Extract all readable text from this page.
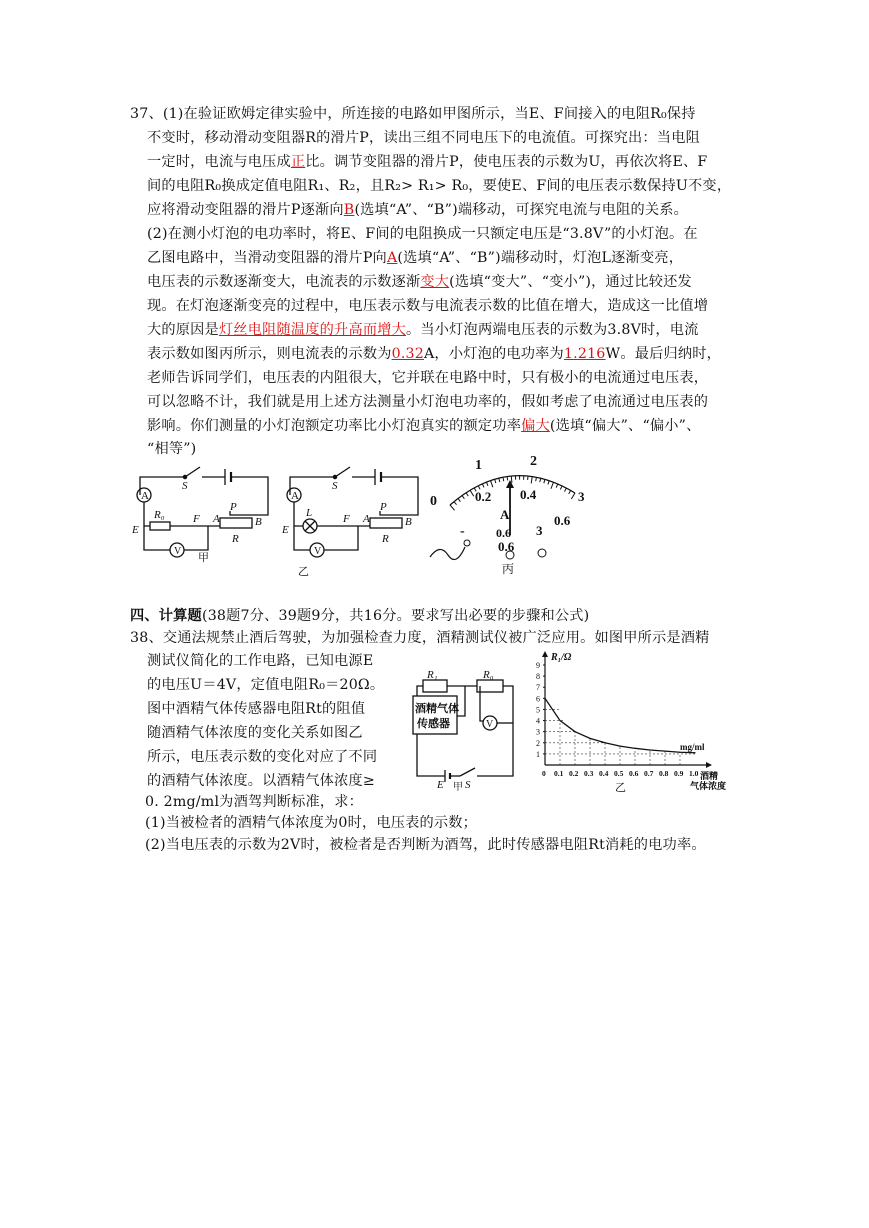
37、(1)在验证欧姆定律实验中，所连接的电路如甲图所示，当E、F间接入的电阻R₀保持
不变时，移动滑动变阻器R的滑片P，读出三组不同电压下的电流值。可探究出：当电阻
一定时，电流与电压成正比。调节变阻器的滑片P，使电压表的示数为U，再依次将E、F
间的电阻R₀换成定值电阻R₁、R₂，且R₂> R₁> R₀，要使E、F间的电压表示数保持U不变，
应将滑动变阻器的滑片P逐渐向B(选填“A”、“B”)端移动，可探究电流与电阻的关系。
(2)在测小灯泡的电功率时，将E、F间的电阻换成一只额定电压是“3.8V”的小灯泡。在
乙图电路中，当滑动变阻器的滑片P向A(选填“A”、“B”)端移动时，灯泡L逐渐变亮，
电压表的示数逐渐变大，电流表的示数逐渐变大(选填“变大”、“变小”)，通过比较还发
现。在灯泡逐渐变亮的过程中，电压表示数与电流表示数的比值在增大，造成这一比值增
大的原因是灯丝电阻随温度的升高而增大。当小灯泡两端电压表的示数为3.8V时，电流
表示数如图丙所示，则电流表的示数为0.32A，小灯泡的电功率为1.216W。最后归纳时，
老师告诉同学们，电压表的内阻很大，它并联在电路中时，只有极小的电流通过电压表，
可以忽略不计，我们就是用上述方法测量小灯泡电功率的，假如考虑了电流通过电压表的
影响。你们测量的小灯泡额定功率比小灯泡真实的额定功率偏大(选填“偏大”、“偏小”、
“相等”)
A
S
R₀
P
A	B
E
F
R
V
甲
A
S
L	P
A	B
E
F
R
V
乙
1	2
0	0.2 0.4
0.6
3
A
-	0.6 3
0.6
丙
四、计算题(38题7分、39题9分，共16分。要求写出必要的步骤和公式)
38、交通法规禁止酒后驾驶，为加强检查力度，酒精测试仪被广泛应用。如图甲所示是酒精
测试仪简化的工作电路，已知电源E
的电压U＝4V，定值电阻R₀＝20Ω。
图中酒精气体传感器电阻Rt的阻值
随酒精气体浓度的变化关系如图乙
所示，电压表示数的变化对应了不同
的酒精气体浓度。以酒精气体浓度≥
0. 2mg/ml为酒驾判断标准，求：
(1)当被检者的酒精气体浓度为0时，电压表的示数；
(2)当电压表的示数为2V时，被检者是否判断为酒驾，此时传感器电阻Rt消耗的电功率。
R₁	R₀
酒精气体
传感器	V
E S
甲
1
2
3
4
5
6
7
8
9
0 0.1 0.2 0.3 0.4 0.5 0.6 0.7 0.8 0.9 1.0
R₁/Ω
mg/ml
酒精气体浓度
乙
